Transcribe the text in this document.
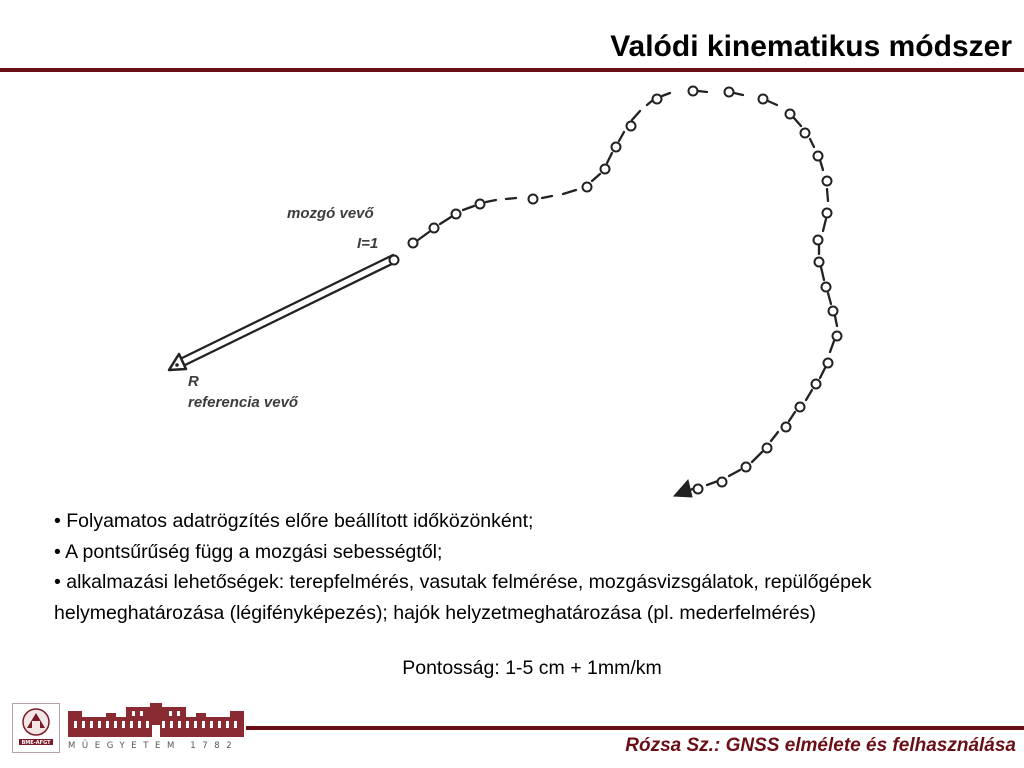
Valódi kinematikus módszer
mozgó vevő
I=1
R
referencia vevő

• Folyamatos adatrögzítés előre beállított időközönként;

• A pontsűrűség függ a mozgási sebességtől;

• alkalmazási lehetőségek: terepfelmérés, vasutak felmérése, mozgásvizsgálatok, repülőgépek helymeghatározása (légifényképezés); hajók helyzetmeghatározása (pl. mederfelmérés)

Pontosság: 1-5 cm + 1mm/km
BME-AFGT MŰEGYETEM 1782	Rózsa Sz.: GNSS elmélete és felhasználása
